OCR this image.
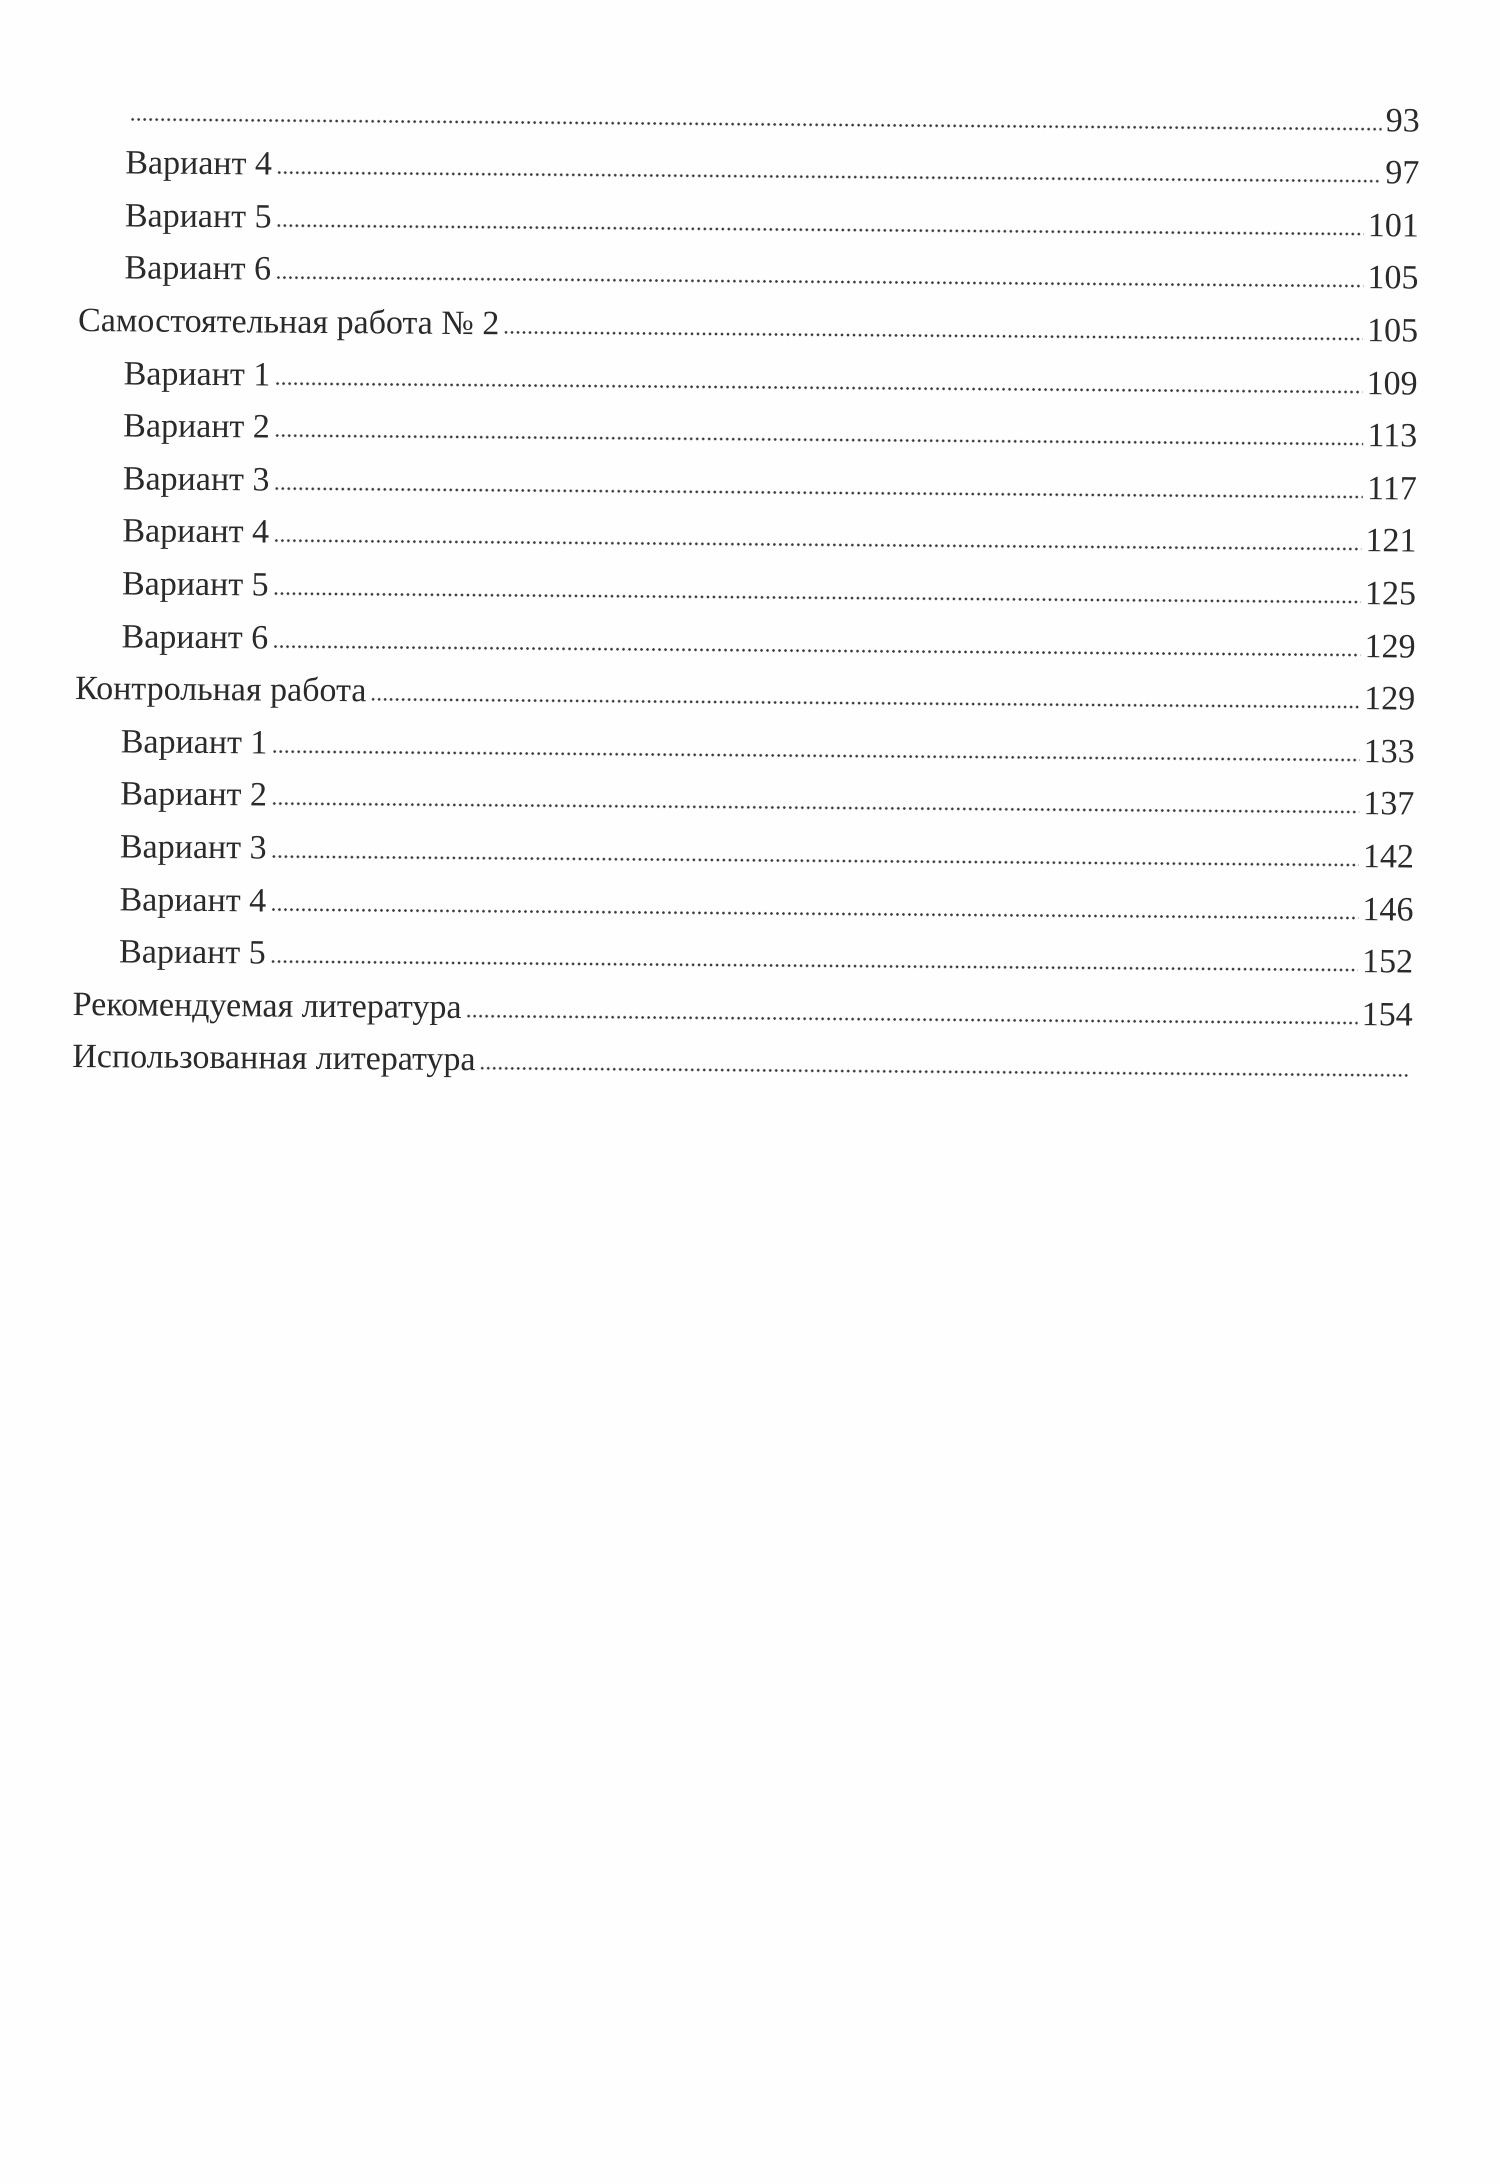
93
Вариант 4	97
Вариант 5	101
Вариант 6	105
Самостоятельная работа № 2	105
Вариант 1	109
Вариант 2	113
Вариант 3	117
Вариант 4	121
Вариант 5	125
Вариант 6	129
Контрольная работа	129
Вариант 1	133
Вариант 2	137
Вариант 3	142
Вариант 4	146
Вариант 5	152
Рекомендуемая литература	154
Использованная литература
